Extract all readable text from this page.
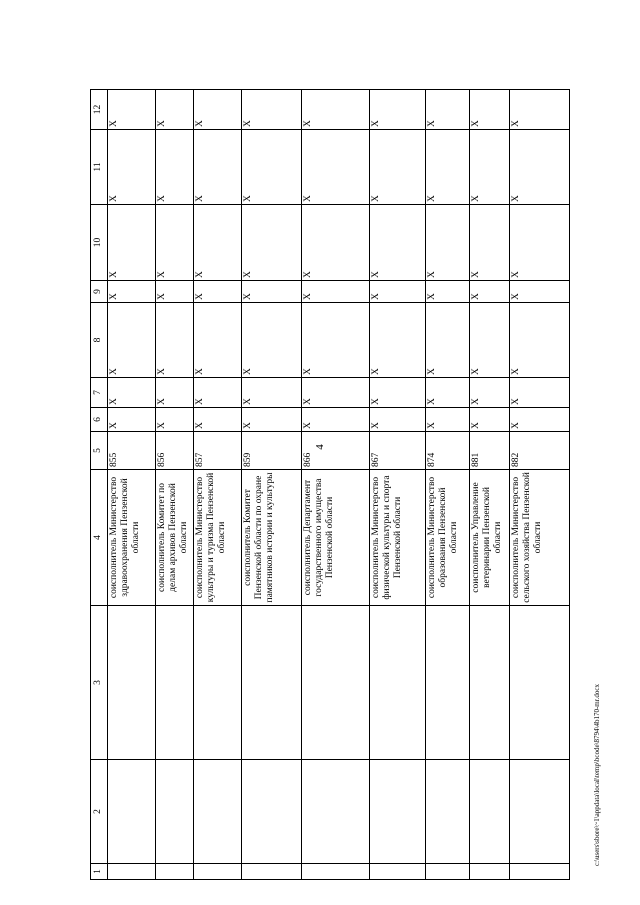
4
c:\users\sbore\~1\appdata\local\temp\bcode\8794\4b170-mr.docx
1	2	3	4	5	6	7	8	9	10	11	12
			соисполнитель Министерство здравоохранения Пензенской области	855	X	X	X	X	X	X	X
			соисполнитель Комитет по делам архивов Пензенской области	856	X	X	X	X	X	X	X
			соисполнитель Министерство культуры и туризма Пензенской области	857	X	X	X	X	X	X	X
			соисполнитель Комитет Пензенской области по охране памятников истории и культуры	859	X	X	X	X	X	X	X
			соисполнитель Департамент государственного имущества Пензенской области	866	X	X	X	X	X	X	X
			соисполнитель Министерство физической культуры и спорта Пензенской области	867	X	X	X	X	X	X	X
			соисполнитель Министерство образования Пензенской области	874	X	X	X	X	X	X	X
			соисполнитель Управление ветеринарии Пензенской области	881	X	X	X	X	X	X	X
			соисполнитель Министерство сельского хозяйства Пензенской области	882	X	X	X	X	X	X	X
